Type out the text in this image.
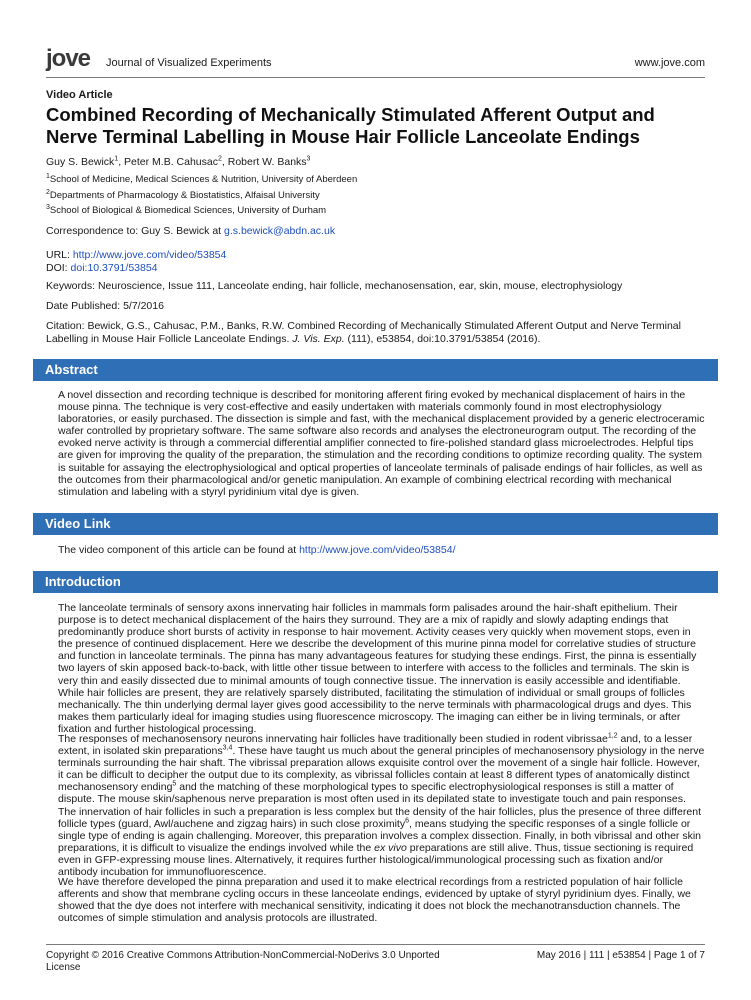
jove Journal of Visualized Experiments	www.jove.com
Video Article
Combined Recording of Mechanically Stimulated Afferent Output and Nerve Terminal Labelling in Mouse Hair Follicle Lanceolate Endings
Guy S. Bewick$^1$, Peter M.B. Cahusac$^2$, Robert W. Banks$^3$
$^1$School of Medicine, Medical Sciences & Nutrition, University of Aberdeen
$^2$Departments of Pharmacology & Biostatistics, Alfaisal University
$^3$School of Biological & Biomedical Sciences, University of Durham
Correspondence to: Guy S. Bewick at g.s.bewick@abdn.ac.uk
URL: http://www.jove.com/video/53854
DOI: doi:10.3791/53854
Keywords: Neuroscience, Issue 111, Lanceolate ending, hair follicle, mechanosensation, ear, skin, mouse, electrophysiology
Date Published: 5/7/2016
Citation: Bewick, G.S., Cahusac, P.M., Banks, R.W. Combined Recording of Mechanically Stimulated Afferent Output and Nerve Terminal Labelling in Mouse Hair Follicle Lanceolate Endings. J. Vis. Exp. (111), e53854, doi:10.3791/53854 (2016).
Abstract
A novel dissection and recording technique is described for monitoring afferent firing evoked by mechanical displacement of hairs in the mouse pinna. The technique is very cost-effective and easily undertaken with materials commonly found in most electrophysiology laboratories, or easily purchased. The dissection is simple and fast, with the mechanical displacement provided by a generic electroceramic wafer controlled by proprietary software. The same software also records and analyses the electroneurogram output. The recording of the evoked nerve activity is through a commercial differential amplifier connected to fire-polished standard glass microelectrodes. Helpful tips are given for improving the quality of the preparation, the stimulation and the recording conditions to optimize recording quality. The system is suitable for assaying the electrophysiological and optical properties of lanceolate terminals of palisade endings of hair follicles, as well as the outcomes from their pharmacological and/or genetic manipulation. An example of combining electrical recording with mechanical stimulation and labeling with a styryl pyridinium vital dye is given.
Video Link
The video component of this article can be found at http://www.jove.com/video/53854/
Introduction
The lanceolate terminals of sensory axons innervating hair follicles in mammals form palisades around the hair-shaft epithelium. Their purpose is to detect mechanical displacement of the hairs they surround. They are a mix of rapidly and slowly adapting endings that predominantly produce short bursts of activity in response to hair movement. Activity ceases very quickly when movement stops, even in the presence of continued displacement. Here we describe the development of this murine pinna model for correlative studies of structure and function in lanceolate terminals. The pinna has many advantageous features for studying these endings. First, the pinna is essentially two layers of skin apposed back-to-back, with little other tissue between to interfere with access to the follicles and terminals. The skin is very thin and easily dissected due to minimal amounts of tough connective tissue. The innervation is easily accessible and identifiable. While hair follicles are present, they are relatively sparsely distributed, facilitating the stimulation of individual or small groups of follicles mechanically. The thin underlying dermal layer gives good accessibility to the nerve terminals with pharmacological drugs and dyes. This makes them particularly ideal for imaging studies using fluorescence microscopy. The imaging can either be in living terminals, or after fixation and further histological processing.
The responses of mechanosensory neurons innervating hair follicles have traditionally been studied in rodent vibrissae$^{1,2}$ and, to a lesser extent, in isolated skin preparations$^{3,4}$. These have taught us much about the general principles of mechanosensory physiology in the nerve terminals surrounding the hair shaft. The vibrissal preparation allows exquisite control over the movement of a single hair follicle. However, it can be difficult to decipher the output due to its complexity, as vibrissal follicles contain at least 8 different types of anatomically distinct mechanosensory ending$^5$ and the matching of these morphological types to specific electrophysiological responses is still a matter of dispute. The mouse skin/saphenous nerve preparation is most often used in its depilated state to investigate touch and pain responses. The innervation of hair follicles in such a preparation is less complex but the density of the hair follicles, plus the presence of three different follicle types (guard, Awl/auchene and zigzag hairs) in such close proximity$^6$, means studying the specific responses of a single follicle or single type of ending is again challenging. Moreover, this preparation involves a complex dissection. Finally, in both vibrissal and other skin preparations, it is difficult to visualize the endings involved while the ex vivo preparations are still alive. Thus, tissue sectioning is required even in GFP-expressing mouse lines. Alternatively, it requires further histological/immunological processing such as fixation and/or antibody incubation for immunofluorescence.
We have therefore developed the pinna preparation and used it to make electrical recordings from a restricted population of hair follicle afferents and show that membrane cycling occurs in these lanceolate endings, evidenced by uptake of styryl pyridinium dyes. Finally, we showed that the dye does not interfere with mechanical sensitivity, indicating it does not block the mechanotransduction channels. The outcomes of simple stimulation and analysis protocols are illustrated.
Copyright © 2016 Creative Commons Attribution-NonCommercial-NoDerivs 3.0 Unported License
May 2016 | 111 | e53854 | Page 1 of 7
